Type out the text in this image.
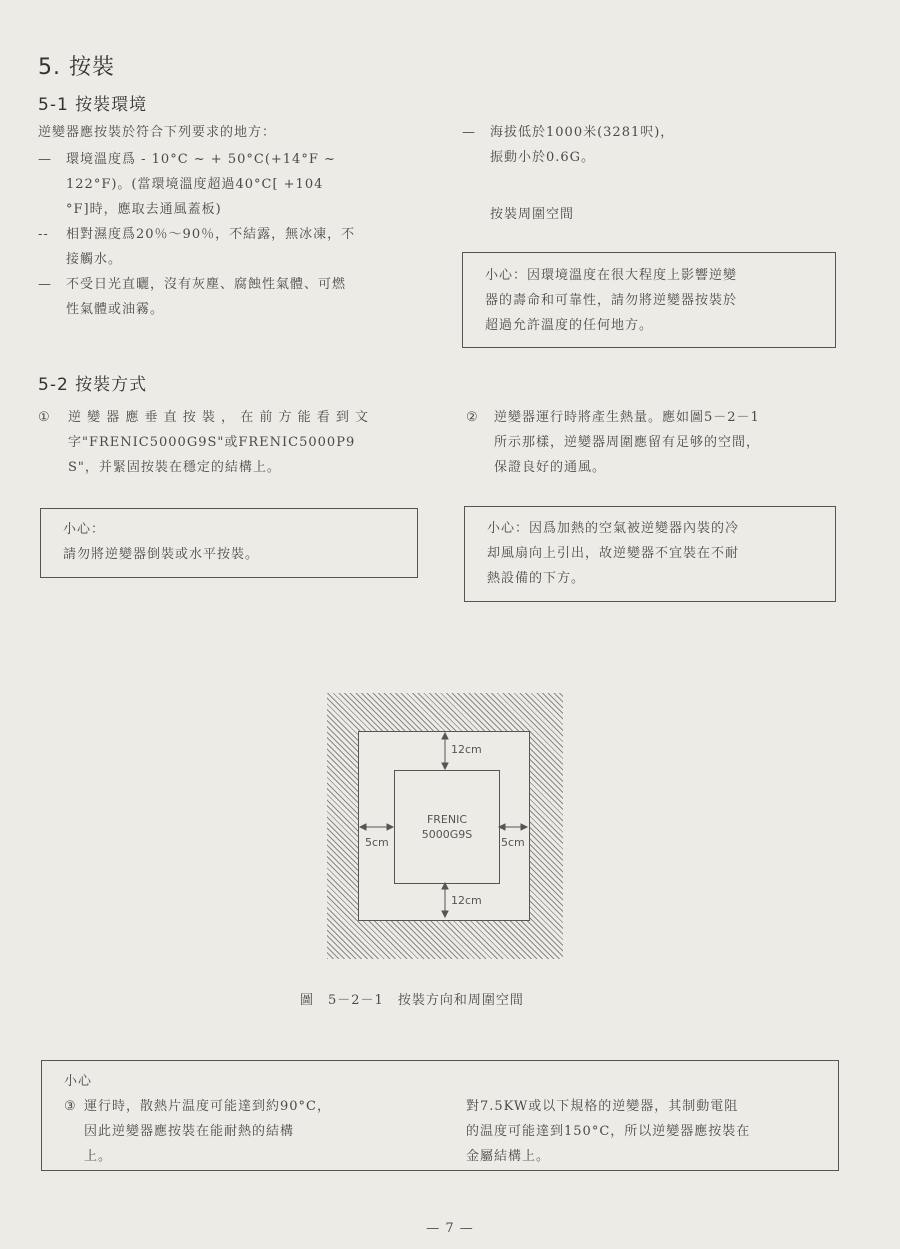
5. 按裝
5-1 按裝環境
逆變器應按裝於符合下列要求的地方：
— 環境溫度爲 - 10°C ~ + 50°C(+14°F ~
122°F)。(當環境溫度超過40°C[ +104
°F]時，應取去通風蓋板)
-- 相對濕度爲20％～90％，不結露，無冰凍，不
接觸水。
— 不受日光直曬，沒有灰塵、腐蝕性氣體、可燃
性氣體或油霧。
— 海拔低於1000米(3281呎)，
振動小於0.6G。
按裝周圍空間
小心：因環境溫度在很大程度上影響逆變
器的壽命和可靠性，請勿將逆變器按裝於
超過允許溫度的任何地方。
5-2 按裝方式
① 逆 變 器 應 垂 直 按 裝 ， 在 前 方 能 看 到 文
字"FRENIC5000G9S"或FRENIC5000P9
S"，并緊固按裝在穩定的結構上。
② 逆變器運行時將產生熱量。應如圖5－2－1
所示那樣，逆變器周圍應留有足够的空間，
保證良好的通風。
小心：
請勿將逆變器倒裝或水平按裝。
小心：因爲加熱的空氣被逆變器內裝的冷
却風扇向上引出，故逆變器不宜裝在不耐
熱設備的下方。
FRENIC
5000G9S
12cm
12cm
5cm	5cm
圖　5－2－1　按裝方向和周圍空間
小心
③ 運行時，散熱片温度可能達到約90°C，
因此逆變器應按裝在能耐熱的結構
上。
對7.5KW或以下規格的逆變器，其制動電阻
的温度可能達到150°C，所以逆變器應按裝在
金屬結構上。
— 7 —
